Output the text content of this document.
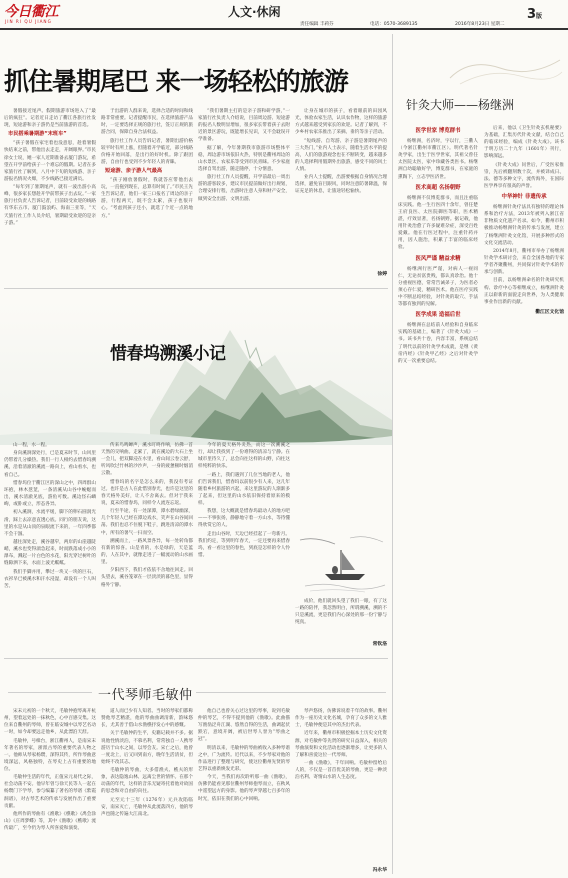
今日衢江
JIN RI QU JIANG
人文·休闲	3版
责任编辑 丰莉芬	电话：0570-3689135	2016年8月23日 星期二
抓住暑期尾巴 来一场轻松的旅游

暑假接近尾声。假期旅游市场进入了“最后的疯狂”。记者近日走访了衢江各旅行社发现，短途游和亲子游仍是当前旅游的首选。

市民搭乘暑期游“末班车”

“孩子暑假在家宅着也没意思，趁着暑假快结束之前，带他出去走走，开阔眼界。”市民徐女士说，她一家人近期准备去厦门游玩，希望在开学前给孩子一个难忘的假期。记者在多家旅行社了解到，八月中下旬的短线游、亲子游报名情况火爆，不少线路已接近满员。

“每年到了暑期尾声，就有一波出游小高峰，很多家长想趁开学前带孩子出去玩。”一家旅行社负责人告诉记者，目前较受欢迎的线路有华东五市、厦门鼓浪屿、海南三亚等，“天天旅行社工作人员介绍，暑期最受欢迎的是亲子游。”

于出游的人群来说，选择合适的时间和线路非常重要。记者提醒市民，在选择旅游产品时，一定要选择正规的旅行社，签订正规的旅游合同，保障自身合法权益。

旅行社工作人员告诉记者，暑期出游价格较平时有所上涨，但随着开学临近，部分线路价格开始回落，是出行的好时机。除了跟团游，自由行也受到不少年轻人的青睐。

短途游、亲子游人气最高

“孩子刚放暑假时，我就答应带他出去玩，一直拖到现在，总算有时间了。”市民王先生告诉记者，他们一家三口报名了周边的亲子游，行程两天，既不会太累，孩子也很开心。“考虑到孩子还小，就选了个近一点的地方。”

“我们暑期主打的是亲子游和研学游，”一家旅行社负责人介绍说，目前周边游、短途游的报名人数明显增加，很多家长带着孩子去附近的景区游玩，既能增长见识，又不会耽误开学准备。

据了解，今年暑期我市旅游市场整体平稳，周边游市场依旧火热，特别是衢州周边的山水景区、农家乐等受到市民青睐。不少家庭选择自驾出游，随走随停，十分惬意。

旅行社工作人员提醒，开学前最后一周出游的游客较多，建议市民提前做好出行规划，合理安排行程，出游时注意人身和财产安全，做到安全出游、文明出游。

让身在城市的孩子，看着眼前的田园风光，体验农家生活，认识农作物，这样的旅游方式越来越受到家长的欢迎。记者了解到，不少乡村农家乐推出了采摘、垂钓等亲子活动。

“短线游、自驾游、亲子游是暑期尾声的三大热门，”业内人士表示，随着生活水平的提高，人们的旅游观念也在不断转变，越来越多的人选择利用假期外出旅游，感受不同的风土人情。

业内人士提醒，出游要根据自身情况合理选择，避免盲目跟风，同时注意防暑降温，保证充足的休息，让旅途轻松愉快。

徐婷
惜春坞溯溪小记

山一程，水一程。

身向溪涧深处行，已是夏末时节，山风里仍带着几分燥热。我们一行人相约去惜春坞溯溪，沿着清澈的溪流一路向上，看山看水，也看自己。

惜春坞位于衢江区的深山之中，四周群山环抱，林木葱茏，一条清溪从山谷中蜿蜒而出，溪水清澈见底，游鱼可数。溪边怪石嶙峋，或卧或立，形态各异。

初入溪涧，水流平缓，脚下的卵石圆润光滑，踩上去凉意直透心底。同行的朋友说，这里的水是从山顶的泉眼流下来的，一年四季都不会干涸。

越往深处走，溪谷越窄，两岸的山崖越陡峭，溪水也变得湍急起来，时而跌落成小小的瀑布，溅起一片白色的水花，阳光穿过树叶的缝隙洒下来，水面上波光粼粼。

我们手脚并用，攀过一块又一块的巨石，衣衫早已被溪水和汗水浸湿，却没有一个人叫苦。

传来鸟鸣蝉声，溪水叮咚作响，仿佛一首天然的交响曲。走累了，就在溪边的大石上坐一会儿，把双脚浸在水里，看山间云卷云舒，听风吹过竹林的沙沙声，一身的疲惫顿时烟消云散。

惜春坞的名字是怎么来的，我没有考证过。也许是古人在此惜别春光，也许是这里的春天格外美好，让人不舍离去。但对于我来说，夏末的惜春坞，同样令人流连忘返。

行至半途，有一处深潭，潭水碧绿幽深，几个年轻人已经在潭边戏水，笑声在山谷间回荡。我们也忍不住脱下鞋子，跳进清凉的潭水中，所有的暑气一扫而空。

溯溪而上，一路风景各异，每一处转角都有新的惊喜。山是青的，水是绿的，天是蓝的，人在其中，就像走进了一幅流动的山水画里。

夕阳西下，我们才依依不舍地往回走。回头望去，溪谷笼罩在一层淡淡的暮色里，显得格外宁静。

今年的夏天格外炎热，而这一次溯溪之行，却让我找到了一份难得的清凉与宁静。在城市里待久了，总会向往这样的山野，向往这样纯粹的快乐。

一路上，我们遇到了几位当地的老人，他们告诉我们，惜春坞以前很少有人来，这几年随着乡村旅游的兴起，来这里游玩的人渐渐多了起来，但这里的山水依旧保持着原来的模样。

我想，这大概就是惜春坞最动人的地方吧——不事张扬，静静地守着一方山水，等待懂得欣赏它的人。

走出山谷时，天边已经挂起了一弯新月。我们约定，等到明年春天，一定还要再来惜春坞，看一看这里的春色，到底是怎样的令人怜惜。

成价，他们就回头望了我们一眼，有了这一路的陪伴，我忽然明白，所谓溯溪，溯的不只是溪流，更是我们内心深处的那一份宁静与纯真。

常钦洛
一代琴师毛敏仲

宋末元初的一个秋天，毛敏仲抱琴离开杭州，望着远处的一抹秋色，心中百感交集。这位来自衢州的琴师，曾在临安城中以琴艺名动一时，如今却要远走他乡，从此漂泊天涯。

毛敏仲，号樟台，浙江衢州人，是南宋末年著名的琴家，浙派古琴的重要代表人物之一。他师从琴家杨缵，深得其传，所作琴曲意境深远，风格独特，在琴史上占有重要的地位。

毛敏仲生活的年代，正值宋元易代之际，社会动荡不安。他早年曾与徐天民等人一起在杨缵门下学琴，参与编纂了著名的琴谱《紫霞洞谱》，对古琴艺术的传承与发展作出了重要贡献。

他所作的琴曲有《渔歌》《樵歌》《禹会涂山》《庄周梦蝶》等，其中《渔歌》《樵歌》流传最广，至今仍为琴人所喜爱和演奏。

道人而已少有人知者。当时的琴家们都称赞他琴艺精湛，他的琴曲曲调清新，韵味悠长，尤其善于借山水渔樵抒发心中的感慨。

关于毛敏仲的生平，史籍记载并不多。据说他性情淡泊，不慕名利，常常独自一人携琴游历于山水之间，以琴会友。宋亡之后，他曾一度北上，后又回到南方，晚年生活清贫，但始终不改其志。

毛敏仲的琴曲，大多借渔夫、樵夫的形象，表达隐逸山林、远离尘世的情怀。在那个动荡的年代，这样的音乐无疑寄托着他对故国的思念和对自由的向往。

元至元十三年（1276年）元兵攻陷临安，南宋灭亡，毛敏仲从此流落四方，他的琴声也随之传遍大江南北。

他自己也曾关心过这里的琴事，说到毛敏仲的琴艺，不得不提到他的《渔歌》。此曲描写渔翁泛舟江湖、悠然自得的生活，曲调起伏跌宕，意境开阔，被后世琴人誉为“琴曲之冠”。

明清以来，毛敏仲的琴曲被收入多种琴谱之中，广为流传。近代以来，不少琴家对他的作品进行了整理与研究，使这位衢州先贤的琴艺得以重新焕发光彩。

今天，当我们再次聆听那一曲《渔歌》，仿佛仍能看见那位衢州琴师抱琴而立，在秋风中遥望远方的身影。他的琴声穿越七百多年的时光，依旧在我们的心中回响。

琴声悠扬，仿佛诉说着千年的故事。衢州作为一座历史文化名城，孕育了众多的文人雅士，毛敏仲便是其中的杰出代表。

近年来，衢州市积极挖掘本土历史文化资源，对毛敏仲等先贤的研究日益深入，相关的琴曲演奏和文化活动也逐渐增多，让更多的人了解和喜爱这位一代琴师。

一曲《渔歌》，千年回响。毛敏仲留给后人的，不仅是一首首优美的琴曲，更是一种淡泊名利、寄情山水的人生态度。

冯永华
针灸大师——杨继洲
医学世家 博览群书

杨继洲，名济时，字以行，三衢人（今浙江衢州市衢江区）。明代著名针灸学家，出生于医学世家，其祖父曾任太医院太医，家中珍藏各类医书。杨继洲自幼聪敏好学，博览群书，在家庭的熏陶下，立志学医济世。

医术高超 名扬朝野

杨继洲不仅博览群书，而且注重临床实践。他一生行医四十余年，曾任楚王府良医、太医院御医等职，医术精湛，疗效显著，名扬朝野。据记载，他用针灸治愈了许多疑难杂症，深受百姓爱戴。他在行医过程中，注重针药并用，因人施治，积累了丰富的临床经验。

医风严谨 精益求精

杨继洲行医严谨，对病人一视同仁，无论贫富贵贱，都认真诊治。他十分重视医德，常常告诫弟子，为医者必须心存仁爱，精研医术。他在医疗实践中不断总结经验，对针灸的取穴、手法等都有独到的见解。

医学成果 造福后世

杨继洲在总结前人经验和自身临床实践的基础上，编著了《针灸大成》一书。该书共十卷，内容丰富，系统总结了明代以前的针灸学术成就，是继《黄帝内经》《针灸甲乙经》之后对针灸学的又一次重要总结。

后来，他以《卫生针灸玄机秘要》为基础，汇集历代针灸文献，结合自己的临床经验，编成《针灸大成》。该书于明万历二十九年（1601年）刊行，影响深远。

《针灸大成》问世后，广受医家推崇，先后被翻刻数十次，并被译成日、法、德等多种文字，流传海外，在国际医学界享有很高的声誉。

中华神针 非遗传承

杨继洲针灸疗法具有独特的理论体系和治疗方法，2013年被列入浙江省非物质文化遗产名录。如今，衢州市积极推动杨继洲针灸的传承与发展，建立了杨继洲针灸文化馆，开展多种形式的文化交流活动。

2014年8月，衢州市举办了杨继洲针灸学术研讨会，来自全国各地的专家学者齐聚衢州，共同探讨针灸学术的传承与创新。

目前，以杨继洲命名的针灸研究机构、诊疗中心等相继成立，杨继洲针灸正以崭新的面貌走向世界，为人类健康事业作出新的贡献。

衢江区文化馆
